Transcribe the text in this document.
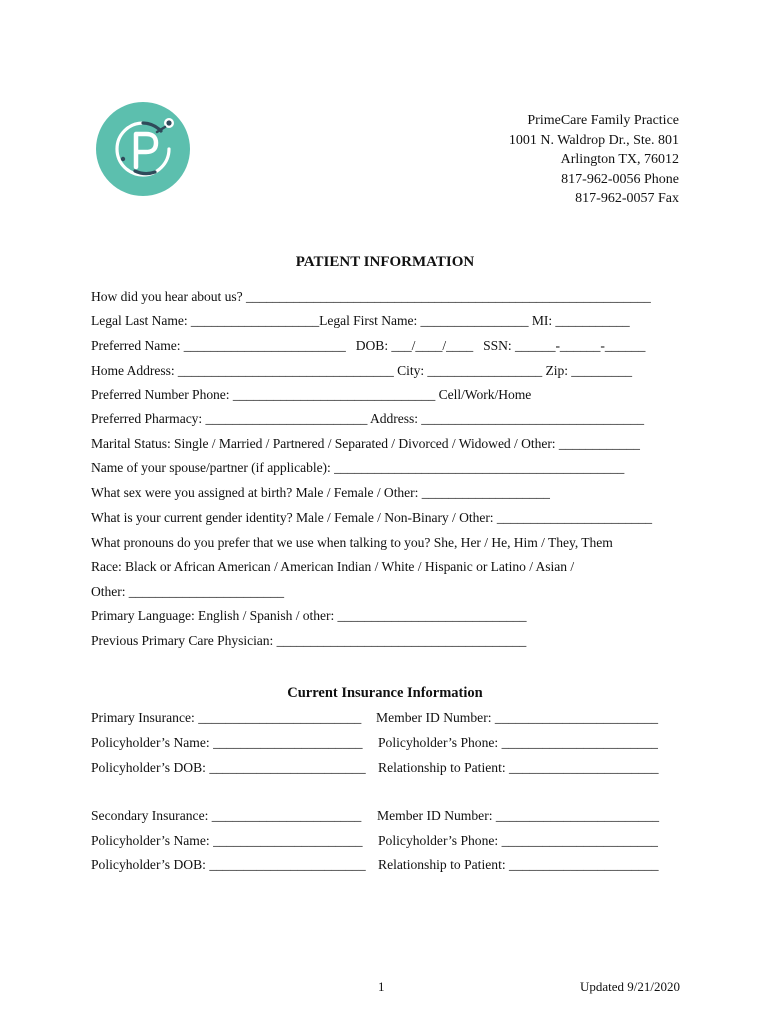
PrimeCare Family Practice
1001 N. Waldrop Dr., Ste. 801
Arlington TX, 76012
817-962-0056 Phone
817-962-0057 Fax
PATIENT INFORMATION
How did you hear about us? ____________________________________________________________
Legal Last Name: ___________________Legal First Name: ________________ MI: ___________
Preferred Name: ________________________   DOB: ___/____/____   SSN: ______-______-______
Home Address: ________________________________ City: _________________ Zip: _________
Preferred Number Phone: ______________________________ Cell/Work/Home
Preferred Pharmacy: ________________________ Address: _________________________________
Marital Status: Single / Married / Partnered / Separated / Divorced / Widowed / Other: ____________
Name of your spouse/partner (if applicable): ___________________________________________
What sex were you assigned at birth? Male / Female / Other: ___________________
What is your current gender identity? Male / Female / Non-Binary / Other: _______________________
What pronouns do you prefer that we use when talking to you? She, Her / He, Him / They, Them
Race: Black or African American / American Indian / White / Hispanic or Latino / Asian /
Other: _______________________
Primary Language: English / Spanish / other: ____________________________
Previous Primary Care Physician: _____________________________________
Current Insurance Information
Primary Insurance: ________________________ Member ID Number: ________________________
Policyholder’s Name: ______________________ Policyholder’s Phone: _______________________
Policyholder’s DOB: _______________________ Relationship to Patient: ______________________
Secondary Insurance: ______________________ Member ID Number: ________________________
Policyholder’s Name: ______________________ Policyholder’s Phone: _______________________
Policyholder’s DOB: _______________________ Relationship to Patient: ______________________
1	Updated 9/21/2020
